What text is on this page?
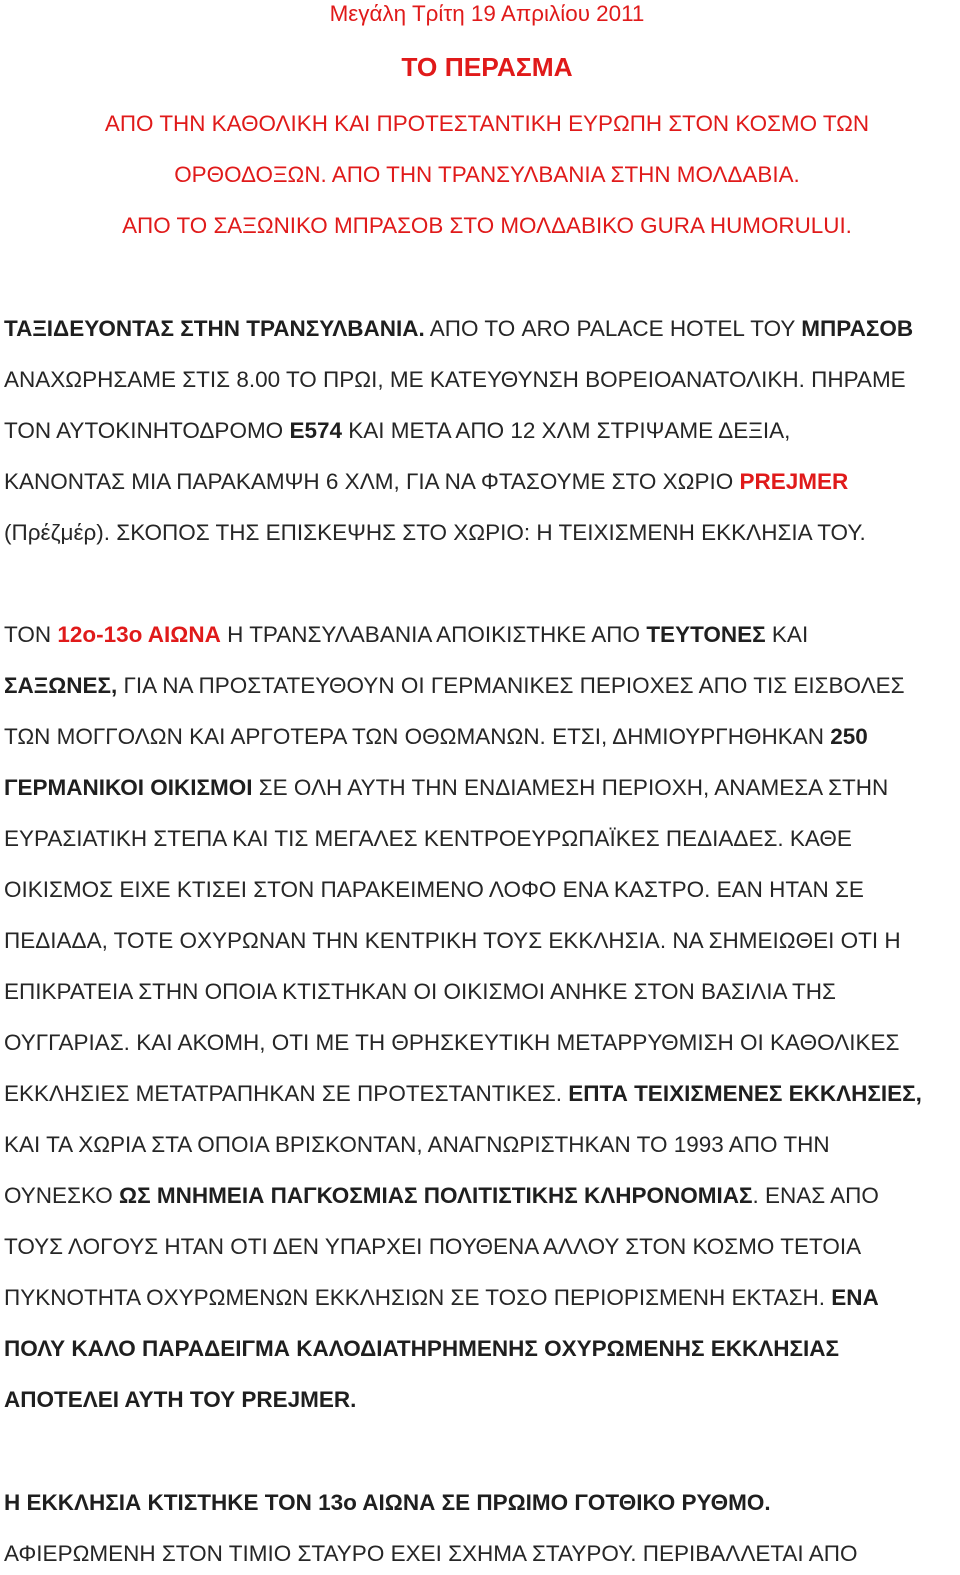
Μεγάλη Τρίτη 19 Απριλίου 2011
ΤΟ ΠΕΡΑΣΜΑ
ΑΠΟ ΤΗΝ ΚΑΘΟΛΙΚΗ ΚΑΙ ΠΡΟΤΕΣΤΑΝΤΙΚΗ ΕΥΡΩΠΗ ΣΤΟΝ ΚΟΣΜΟ ΤΩΝ
ΟΡΘΟΔΟΞΩΝ. ΑΠΟ ΤΗΝ ΤΡΑΝΣΥΛΒΑΝΙΑ ΣΤΗΝ ΜΟΛΔΑΒΙΑ.
ΑΠΟ ΤΟ ΣΑΞΩΝΙΚΟ ΜΠΡΑΣΟΒ ΣΤΟ ΜΟΛΔΑΒΙΚΟ GURA HUMORULUI.
ΤΑΞΙΔΕΥΟΝΤΑΣ ΣΤΗΝ ΤΡΑΝΣΥΛΒΑΝΙΑ. ΑΠΟ ΤΟ ARO PALACE HOTEL ΤΟΥ ΜΠΡΑΣΟΒ
ΑΝΑΧΩΡΗΣΑΜΕ ΣΤΙΣ 8.00 ΤΟ ΠΡΩΙ, ΜΕ ΚΑΤΕΥΘΥΝΣΗ ΒΟΡΕΙΟΑΝΑΤΟΛΙΚΗ. ΠΗΡΑΜΕ
ΤΟΝ ΑΥΤΟΚΙΝΗΤΟΔΡΟΜΟ Ε574 ΚΑΙ ΜΕΤΑ ΑΠΟ 12 ΧΛΜ ΣΤΡΙΨΑΜΕ ΔΕΞΙΑ,
ΚΑΝΟΝΤΑΣ ΜΙΑ ΠΑΡΑΚΑΜΨΗ 6 ΧΛΜ, ΓΙΑ ΝΑ ΦΤΑΣΟΥΜΕ ΣΤΟ ΧΩΡΙΟ PREJMER
(Πρέζμέρ). ΣΚΟΠΟΣ ΤΗΣ ΕΠΙΣΚΕΨΗΣ ΣΤΟ ΧΩΡΙΟ: Η ΤΕΙΧΙΣΜΕΝΗ ΕΚΚΛΗΣΙΑ ΤΟΥ.
ΤΟΝ 12ο-13ο ΑΙΩΝΑ Η ΤΡΑΝΣΥΛΑΒΑΝΙΑ ΑΠΟΙΚΙΣΤΗΚΕ ΑΠΟ ΤΕΥΤΟΝΕΣ ΚΑΙ
ΣΑΞΩΝΕΣ, ΓΙΑ ΝΑ ΠΡΟΣΤΑΤΕΥΘΟΥΝ ΟΙ ΓΕΡΜΑΝΙΚΕΣ ΠΕΡΙΟΧΕΣ ΑΠΟ ΤΙΣ ΕΙΣΒΟΛΕΣ
ΤΩΝ ΜΟΓΓΟΛΩΝ ΚΑΙ ΑΡΓΟΤΕΡΑ ΤΩΝ ΟΘΩΜΑΝΩΝ. ΕΤΣΙ, ΔΗΜΙΟΥΡΓΗΘΗΚΑΝ 250
ΓΕΡΜΑΝΙΚΟΙ ΟΙΚΙΣΜΟΙ ΣΕ ΟΛΗ ΑΥΤΗ ΤΗΝ ΕΝΔΙΑΜΕΣΗ ΠΕΡΙΟΧΗ, ΑΝΑΜΕΣΑ ΣΤΗΝ
ΕΥΡΑΣΙΑΤΙΚΗ ΣΤΕΠΑ ΚΑΙ ΤΙΣ ΜΕΓΑΛΕΣ ΚΕΝΤΡΟΕΥΡΩΠΑΪΚΕΣ ΠΕΔΙΑΔΕΣ. ΚΑΘΕ
ΟΙΚΙΣΜΟΣ ΕΙΧΕ ΚΤΙΣΕΙ ΣΤΟΝ ΠΑΡΑΚΕΙΜΕΝΟ ΛΟΦΟ ΕΝΑ ΚΑΣΤΡΟ. ΕΑΝ ΗΤΑΝ ΣΕ
ΠΕΔΙΑΔΑ, ΤΟΤΕ ΟΧΥΡΩΝΑΝ ΤΗΝ ΚΕΝΤΡΙΚΗ ΤΟΥΣ ΕΚΚΛΗΣΙΑ. ΝΑ ΣΗΜΕΙΩΘΕΙ ΟΤΙ Η
ΕΠΙΚΡΑΤΕΙΑ ΣΤΗΝ ΟΠΟΙΑ ΚΤΙΣΤΗΚΑΝ ΟΙ ΟΙΚΙΣΜΟΙ ΑΝΗΚΕ ΣΤΟΝ ΒΑΣΙΛΙΑ ΤΗΣ
ΟΥΓΓΑΡΙΑΣ. ΚΑΙ ΑΚΟΜΗ, ΟΤΙ ΜΕ ΤΗ ΘΡΗΣΚΕΥΤΙΚΗ ΜΕΤΑΡΡΥΘΜΙΣΗ ΟΙ ΚΑΘΟΛΙΚΕΣ
ΕΚΚΛΗΣΙΕΣ ΜΕΤΑΤΡΑΠΗΚΑΝ ΣΕ ΠΡΟΤΕΣΤΑΝΤΙΚΕΣ. ΕΠΤΑ ΤΕΙΧΙΣΜΕΝΕΣ ΕΚΚΛΗΣΙΕΣ,
ΚΑΙ ΤΑ ΧΩΡΙΑ ΣΤΑ ΟΠΟΙΑ ΒΡΙΣΚΟΝΤΑΝ, ΑΝΑΓΝΩΡΙΣΤΗΚΑΝ ΤΟ 1993 ΑΠΟ ΤΗΝ
ΟΥΝΕΣΚΟ ΩΣ ΜΝΗΜΕΙΑ ΠΑΓΚΟΣΜΙΑΣ ΠΟΛΙΤΙΣΤΙΚΗΣ ΚΛΗΡΟΝΟΜΙΑΣ. ΕΝΑΣ ΑΠΟ
ΤΟΥΣ ΛΟΓΟΥΣ ΗΤΑΝ ΟΤΙ ΔΕΝ ΥΠΑΡΧΕΙ ΠΟΥΘΕΝΑ ΑΛΛΟΥ ΣΤΟΝ ΚΟΣΜΟ ΤΕΤΟΙΑ
ΠΥΚΝΟΤΗΤΑ ΟΧΥΡΩΜΕΝΩΝ ΕΚΚΛΗΣΙΩΝ ΣΕ ΤΟΣΟ ΠΕΡΙΟΡΙΣΜΕΝΗ ΕΚΤΑΣΗ. ΕΝΑ
ΠΟΛΥ ΚΑΛΟ ΠΑΡΑΔΕΙΓΜΑ ΚΑΛΟΔΙΑΤΗΡΗΜΕΝΗΣ ΟΧΥΡΩΜΕΝΗΣ ΕΚΚΛΗΣΙΑΣ
ΑΠΟΤΕΛΕΙ ΑΥΤΗ ΤΟΥ PREJMER.
Η ΕΚΚΛΗΣΙΑ ΚΤΙΣΤΗΚΕ ΤΟΝ 13ο ΑΙΩΝΑ ΣΕ ΠΡΩΙΜΟ ΓΟΤΘΙΚΟ ΡΥΘΜΟ.
ΑΦΙΕΡΩΜΕΝΗ ΣΤΟΝ ΤΙΜΙΟ ΣΤΑΥΡΟ ΕΧΕΙ ΣΧΗΜΑ ΣΤΑΥΡΟΥ. ΠΕΡΙΒΑΛΛΕΤΑΙ ΑΠΟ
